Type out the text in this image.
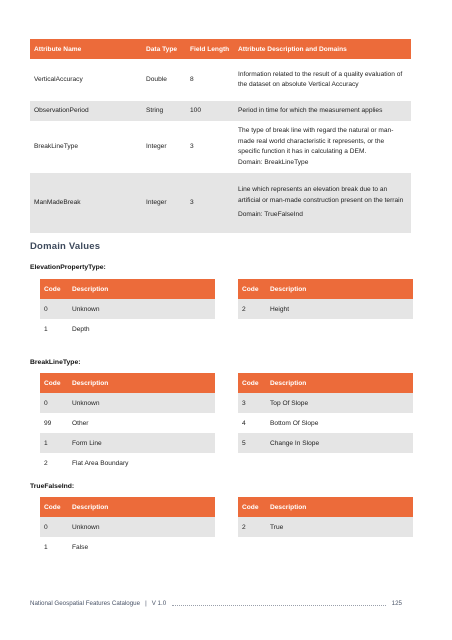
Attribute Name	Data Type	Field Length	Attribute Description and Domains
VerticalAccuracy	Double	8	Information related to the result of a quality evaluation of the dataset on absolute Vertical Accuracy
ObservationPeriod	String	100	Period in time for which the measurement applies
BreakLineType	Integer	3	The type of break line with regard the natural or man-made real world characteristic it represents, or the specific function it has in calculating a DEM.
Domain: BreakLineType

ManMadeBreak	Integer	3	Line which represents an elevation break due to an artificial or man-made construction present on the terrain
Domain: TrueFalseInd
Domain Values
ElevationPropertyType:
Code	Description
0	Unknown
1	Depth
Code	Description
2	Height
BreakLineType:
Code	Description
0	Unknown
99	Other
1	Form Line
2	Flat Area Boundary
Code	Description
3	Top Of Slope
4	Bottom Of Slope
5	Change In Slope
TrueFalseInd:
Code	Description
0	Unknown
1	False
Code	Description
2	True
National Geospatial Features Catalogue | V 1.0	125
